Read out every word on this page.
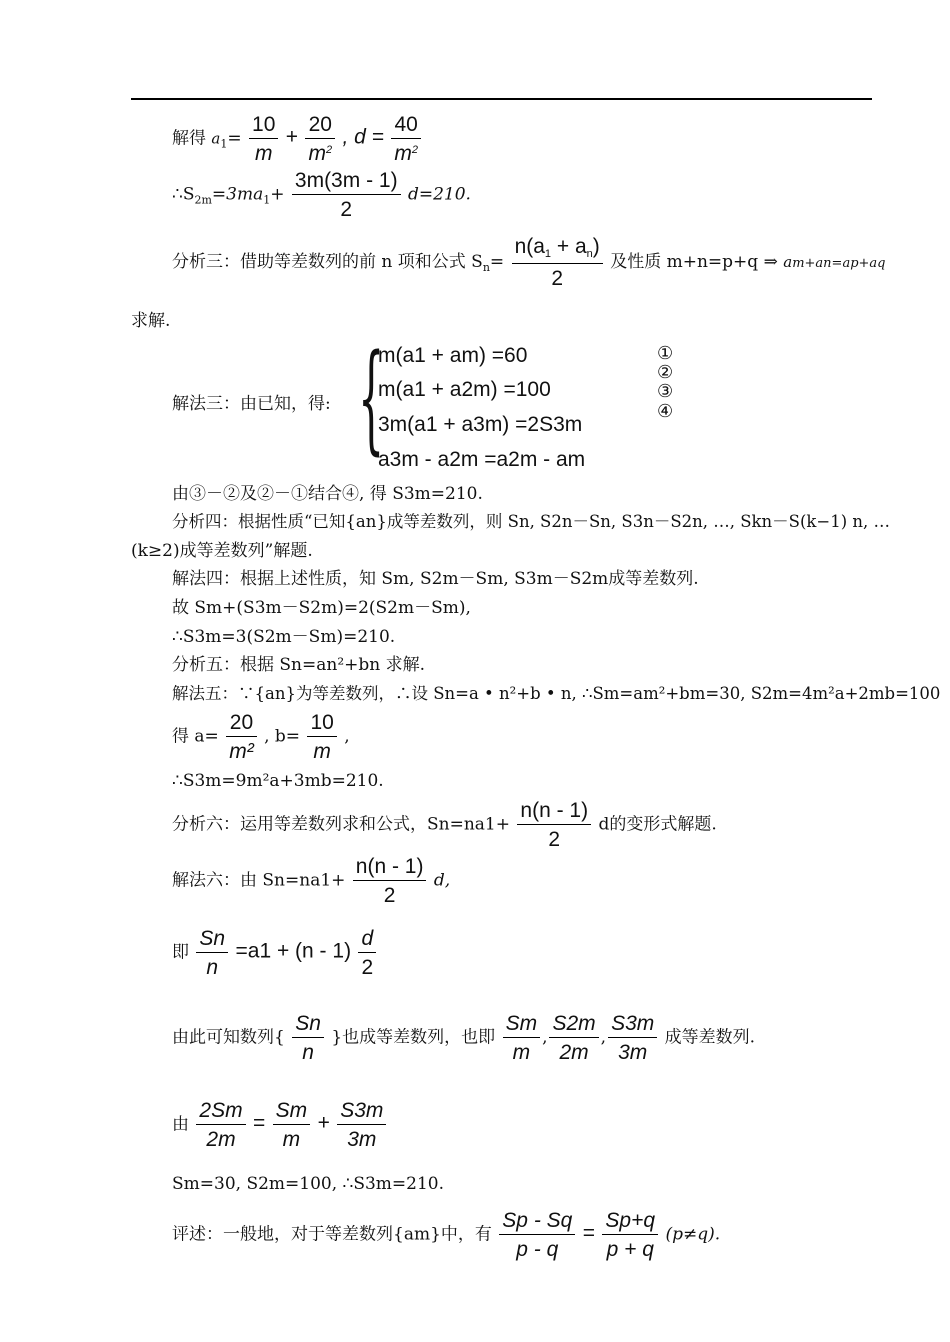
解得 $a_1= \frac{10}{m} + \frac{20}{m^2}$ , $d = \frac{40}{m^2}$
$\therefore S_{2m}=3ma_1+ \frac{3m(3m - 1)}{2} d=210$.
分析三：借助等差数列的前 n 项和公式 $S_n= \frac{n(a_1 + a_n)}{2}$ 及性质 m+n=p+q ⇒ am+an=ap+aq
求解.
解法三：由已知，得: {
m(a1 + am) =60
m(a1 + a2m) =100
3m(a1 + a3m) =2S3m
a3m - a2m =a2m - am
①
②
③
④
由③－②及②－①结合④, 得 S3m=210.
分析四：根据性质“已知{an}成等差数列，则 Sn, S2n－Sn, S3n－S2n, …, Skn－S(k−1) n, …
(k≥2)成等差数列”解题.
解法四：根据上述性质，知 Sm, S2m－Sm, S3m－S2m成等差数列.
故 Sm+(S3m－S2m)=2(S2m－Sm),
∴S3m=3(S2m－Sm)=210.
分析五：根据 Sn=an²+bn 求解.
解法五：∵{an}为等差数列，∴设 Sn=a • n²+b • n, ∴Sm=am²+bm=30, S2m=4m²a+2mb=100
得 $a= \frac{20}{\text{m²}}$ , $b= \frac{10}{m}$ ,
∴S3m=9m²a+3mb=210.
分析六：运用等差数列求和公式，$Sn=na1+ \frac{n(n - 1)}{2}$ d的变形式解题.
解法六：由 $Sn=na1+ \frac{n(n - 1)}{2} d$,
即 $\frac{Sn}{n} =a1 + (n - 1) \frac{d}{2}$
由此可知数列{ $\frac{Sn}{n}$ }也成等差数列，也即 $\frac{Sm}{m}$ , $\frac{S2m}{2m}$ , $\frac{S3m}{3m}$ 成等差数列.
由 $\frac{2Sm}{2m} = \frac{Sm}{m} + \frac{S3m}{3m}$
Sm=30, S2m=100, ∴S3m=210.
评述：一般地，对于等差数列{am}中，有 $\frac{Sp - Sq}{p - q} = \frac{Sp+q}{p + q} (p\ne q)$.
